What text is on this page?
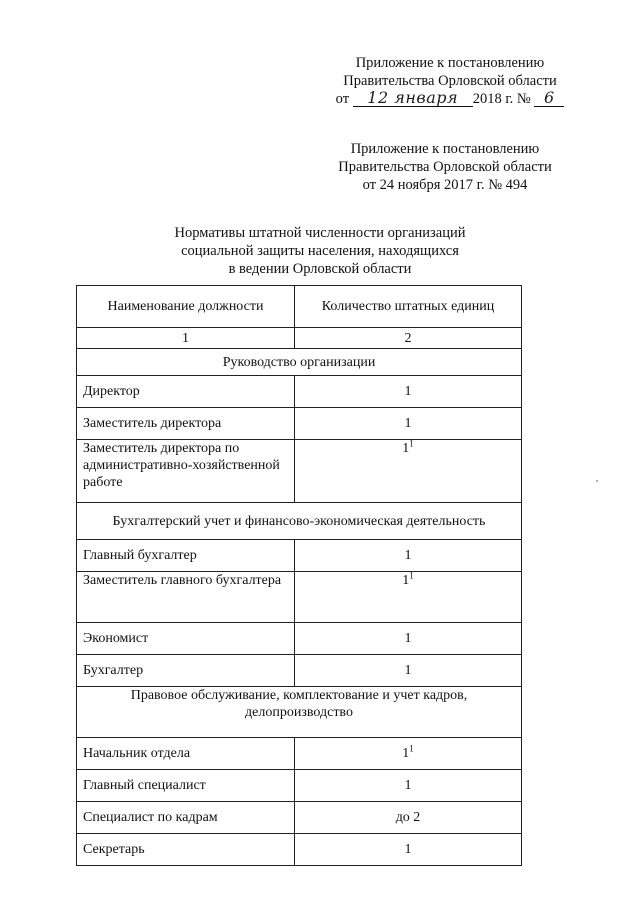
Приложение к постановлению
Правительства Орловской области
от 12 января 2018 г. № 6
Приложение к постановлению
Правительства Орловской области
от 24 ноября 2017 г. № 494
Нормативы штатной численности организаций
социальной защиты населения, находящихся
в ведении Орловской области
Наименование должности	Количество штатных единиц
1	2
Руководство организации	
Директор	1
Заместитель директора	1
Заместитель директора по административно-хозяйственной работе	$1^1$
Бухгалтерский учет и финансово-экономическая деятельность	
Главный бухгалтер	1
Заместитель главного бухгалтера	$1^1$
Экономист	1
Бухгалтер	1
Правовое обслуживание, комплектование и учет кадров, делопроизводство	
Начальник отдела	$1^1$
Главный специалист	1
Специалист по кадрам	до 2
Секретарь	1
